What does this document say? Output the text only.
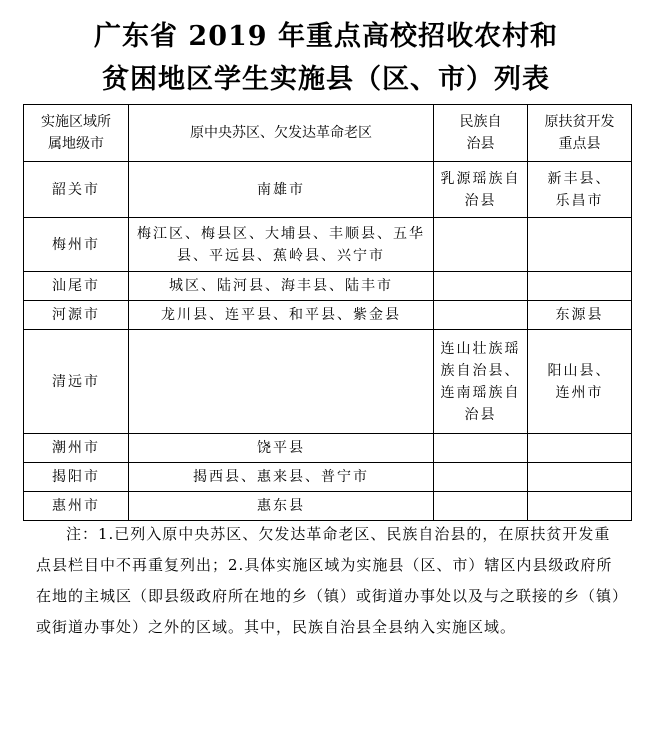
广东省 2019 年重点高校招收农村和
贫困地区学生实施县（区、市）列表
实施区域所属地级市	原中央苏区、欠发达革命老区	民族自治县	原扶贫开发重点县
韶关市	南雄市	乳源瑶族自治县	新丰县、乐昌市
梅州市	梅江区、梅县区、大埔县、丰顺县、五华县、平远县、蕉岭县、兴宁市		
汕尾市	城区、陆河县、海丰县、陆丰市		
河源市	龙川县、连平县、和平县、紫金县		东源县
清远市		连山壮族瑶族自治县、连南瑶族自治县	阳山县、连州市
潮州市	饶平县		
揭阳市	揭西县、惠来县、普宁市		
惠州市	惠东县		

注：1.已列入原中央苏区、欠发达革命老区、民族自治县的，在原扶贫开发重点县栏目中不再重复列出；2.具体实施区域为实施县（区、市）辖区内县级政府所在地的主城区（即县级政府所在地的乡（镇）或街道办事处以及与之联接的乡（镇）或街道办事处）之外的区域。其中，民族自治县全县纳入实施区域。
